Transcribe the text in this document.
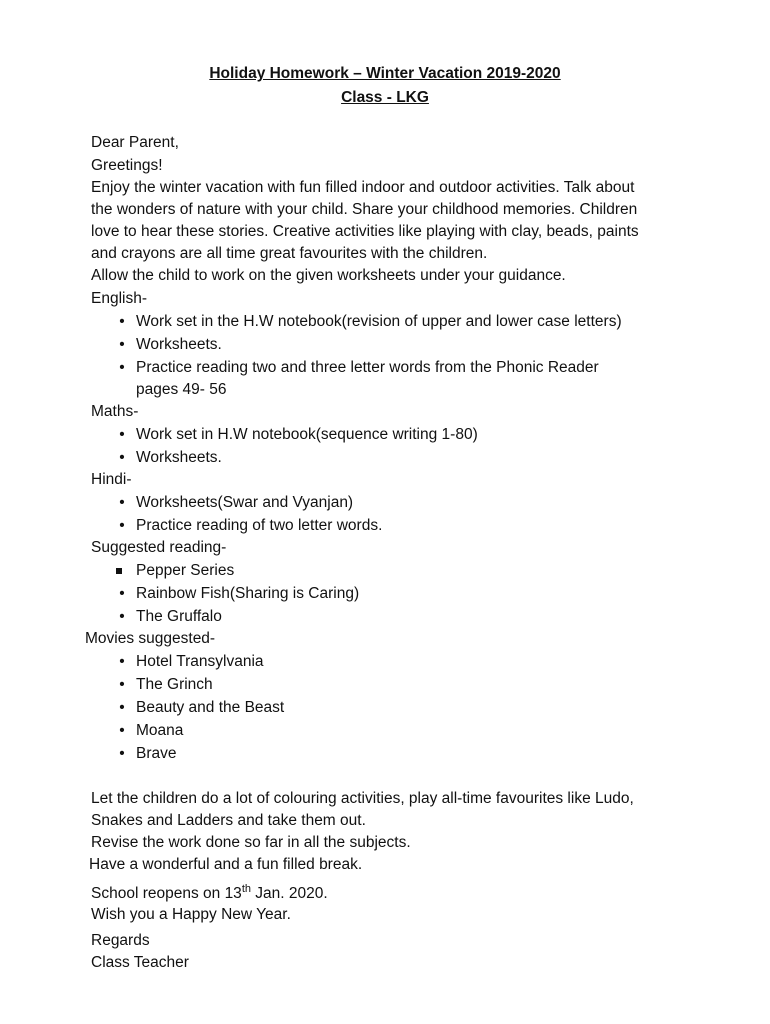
Holiday Homework – Winter Vacation 2019-2020
Class - LKG
Dear Parent,
Greetings!
Enjoy the winter vacation with fun filled indoor and outdoor activities. Talk about
the wonders of nature with your child. Share your childhood memories. Children
love to hear these stories. Creative activities like playing with clay, beads, paints
and crayons are all time great favourites with the children.
Allow the child to work on the given worksheets under your guidance.
English-
• Work set in the H.W notebook(revision of upper and lower case letters)
• Worksheets.
• Practice reading two and three letter words from the Phonic Reader
pages 49- 56
Maths-
• Work set in H.W notebook(sequence writing 1-80)
• Worksheets.
Hindi-
• Worksheets(Swar and Vyanjan)
• Practice reading of two letter words.
Suggested reading-
Pepper Series
• Rainbow Fish(Sharing is Caring)
• The Gruffalo
Movies suggested-
• Hotel Transylvania
• The Grinch
• Beauty and the Beast
• Moana
• Brave
Let the children do a lot of colouring activities, play all-time favourites like Ludo,
Snakes and Ladders and take them out.
Revise the work done so far in all the subjects.
Have a wonderful and a fun filled break.
School reopens on 13th Jan. 2020.
Wish you a Happy New Year.
Regards
Class Teacher
